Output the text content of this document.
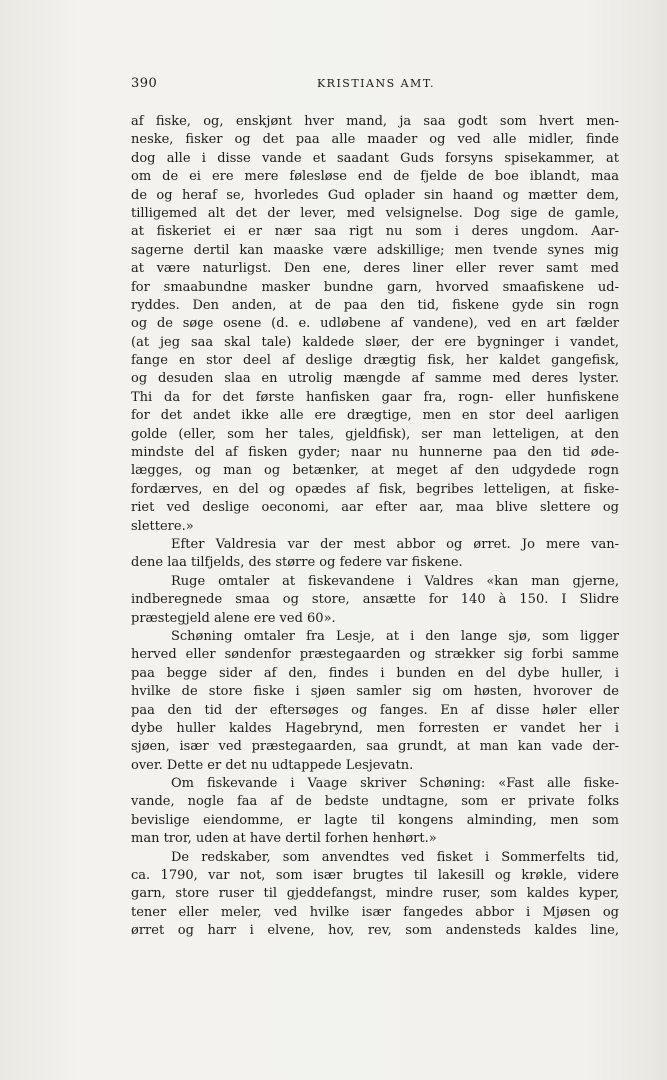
390	KRISTIANS AMT.
af fiske, og, enskjønt hver mand, ja saa godt som hvert men-
neske, fisker og det paa alle maader og ved alle midler, finde
dog alle i disse vande et saadant Guds forsyns spisekammer, at
om de ei ere mere følesløse end de fjelde de boe iblandt, maa
de og heraf se, hvorledes Gud oplader sin haand og mætter dem,
tilligemed alt det der lever, med velsignelse. Dog sige de gamle,
at fiskeriet ei er nær saa rigt nu som i deres ungdom. Aar-
sagerne dertil kan maaske være adskillige; men tvende synes mig
at være naturligst. Den ene, deres liner eller rever samt med
for smaabundne masker bundne garn, hvorved smaafiskene ud-
ryddes. Den anden, at de paa den tid, fiskene gyde sin rogn
og de søge osene (d. e. udløbene af vandene), ved en art fælder
(at jeg saa skal tale) kaldede sløer, der ere bygninger i vandet,
fange en stor deel af deslige drægtig fisk, her kaldet gangefisk,
og desuden slaa en utrolig mængde af samme med deres lyster.
Thi da for det første hanfisken gaar fra, rogn- eller hunfiskene
for det andet ikke alle ere drægtige, men en stor deel aarligen
golde (eller, som her tales, gjeldfisk), ser man letteligen, at den
mindste del af fisken gyder; naar nu hunnerne paa den tid øde-
lægges, og man og betænker, at meget af den udgydede rogn
fordærves, en del og opædes af fisk, begribes letteligen, at fiske-
riet ved deslige oeconomi, aar efter aar, maa blive slettere og
slettere.»
Efter Valdresia var der mest abbor og ørret. Jo mere van-
dene laa tilfjelds, des større og federe var fiskene.
Ruge omtaler at fiskevandene i Valdres «kan man gjerne,
indberegnede smaa og store, ansætte for 140 à 150. I Slidre
præstegjeld alene ere ved 60».
Schøning omtaler fra Lesje, at i den lange sjø, som ligger
herved eller søndenfor præstegaarden og strækker sig forbi samme
paa begge sider af den, findes i bunden en del dybe huller, i
hvilke de store fiske i sjøen samler sig om høsten, hvorover de
paa den tid der eftersøges og fanges. En af disse høler eller
dybe huller kaldes Hagebrynd, men forresten er vandet her i
sjøen, især ved præstegaarden, saa grundt, at man kan vade der-
over. Dette er det nu udtappede Lesjevatn.
Om fiskevande i Vaage skriver Schøning: «Fast alle fiske-
vande, nogle faa af de bedste undtagne, som er private folks
bevislige eiendomme, er lagte til kongens alminding, men som
man tror, uden at have dertil forhen henhørt.»
De redskaber, som anvendtes ved fisket i Sommerfelts tid,
ca. 1790, var not, som især brugtes til lakesill og krøkle, videre
garn, store ruser til gjeddefangst, mindre ruser, som kaldes kyper,
tener eller meler, ved hvilke især fangedes abbor i Mjøsen og
ørret og harr i elvene, hov, rev, som andensteds kaldes line,
